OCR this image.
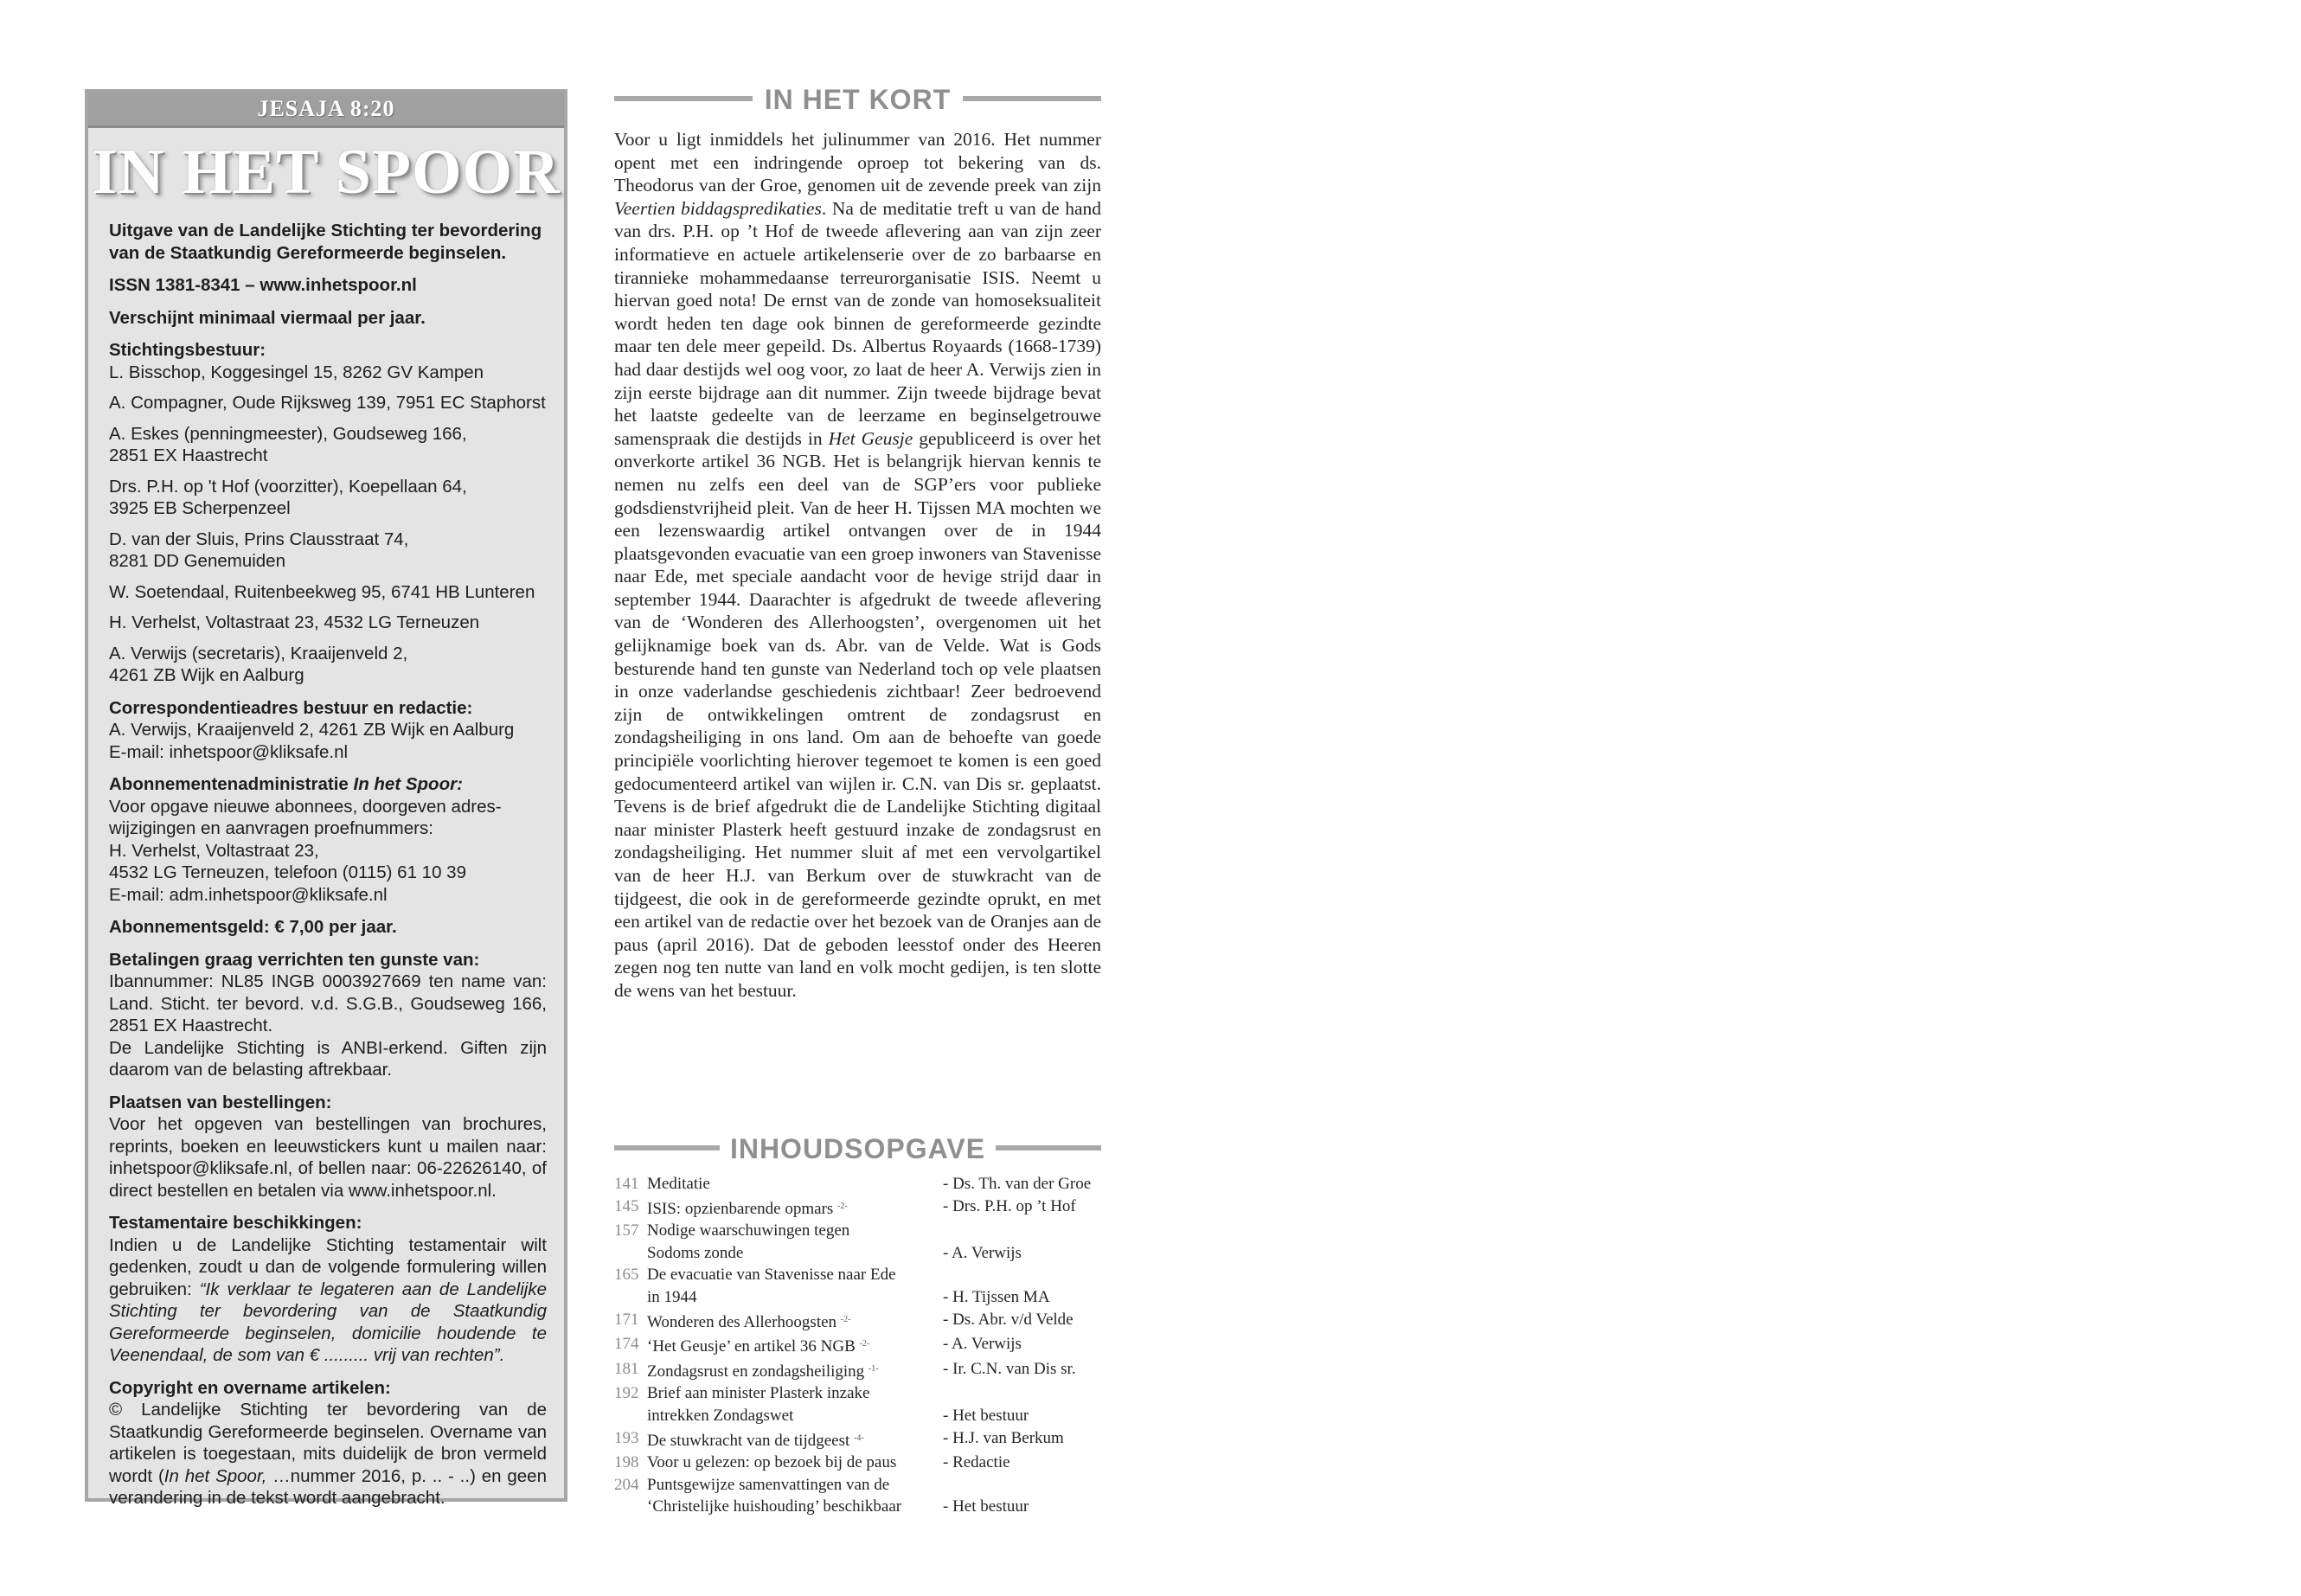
JESAJA 8:20
IN HET SPOOR

Uitgave van de Landelijke Stichting ter bevordering van de Staatkundig Gereformeerde beginselen.

ISSN 1381-8341 – www.inhetspoor.nl

Verschijnt minimaal viermaal per jaar.

Stichtingsbestuur:
L. Bisschop, Koggesingel 15, 8262 GV Kampen
A. Compagner, Oude Rijksweg 139, 7951 EC Staphorst
A. Eskes (penningmeester), Goudseweg 166,
2851 EX Haastrecht
Drs. P.H. op 't Hof (voorzitter), Koepellaan 64,
3925 EB Scherpenzeel
D. van der Sluis, Prins Clausstraat 74,
8281 DD Genemuiden
W. Soetendaal, Ruitenbeekweg 95, 6741 HB Lunteren
H. Verhelst, Voltastraat 23, 4532 LG Terneuzen
A. Verwijs (secretaris), Kraaijenveld 2,
4261 ZB Wijk en Aalburg

Correspondentieadres bestuur en redactie:
A. Verwijs, Kraaijenveld 2, 4261 ZB Wijk en Aalburg
E-mail: inhetspoor@kliksafe.nl

Abonnementenadministratie In het Spoor:
Voor opgave nieuwe abonnees, doorgeven adres-
wijzigingen en aanvragen proefnummers:
H. Verhelst, Voltastraat 23,
4532 LG Terneuzen, telefoon (0115) 61 10 39
E-mail: adm.inhetspoor@kliksafe.nl

Abonnementsgeld: € 7,00 per jaar.

Betalingen graag verrichten ten gunste van:
Ibannummer: NL85 INGB 0003927669 ten name van: Land. Sticht. ter bevord. v.d. S.G.B., Goudseweg 166, 2851 EX Haastrecht.
De Landelijke Stichting is ANBI-erkend. Giften zijn daarom van de belasting aftrekbaar.

Plaatsen van bestellingen:
Voor het opgeven van bestellingen van brochures, reprints, boeken en leeuwstickers kunt u mailen naar: inhetspoor@kliksafe.nl, of bellen naar: 06-22626140, of direct bestellen en betalen via www.inhetspoor.nl.

Testamentaire beschikkingen:
Indien u de Landelijke Stichting testamentair wilt gedenken, zoudt u dan de volgende formulering willen gebruiken: “Ik verklaar te legateren aan de Landelijke Stichting ter bevordering van de Staatkundig Gereformeerde beginselen, domicilie houdende te Veenendaal, de som van € ......... vrij van rechten”.

Copyright en overname artikelen:
© Landelijke Stichting ter bevordering van de Staatkundig Gereformeerde beginselen. Overname van artikelen is toegestaan, mits duidelijk de bron vermeld wordt (In het Spoor, …nummer 2016, p. .. - ..) en geen verandering in de tekst wordt aangebracht.

IN HET KORT
Voor u ligt inmiddels het julinummer van 2016. Het nummer opent met een indringende oproep tot bekering van ds. Theodorus van der Groe, genomen uit de zevende preek van zijn Veertien biddagspredikaties. Na de meditatie treft u van de hand van drs. P.H. op ’t Hof de tweede aflevering aan van zijn zeer informatieve en actuele artikelenserie over de zo barbaarse en tirannieke mohammedaanse terreurorganisatie ISIS. Neemt u hiervan goed nota! De ernst van de zonde van homoseksualiteit wordt heden ten dage ook binnen de gereformeerde gezindte maar ten dele meer gepeild. Ds. Albertus Royaards (1668-1739) had daar destijds wel oog voor, zo laat de heer A. Verwijs zien in zijn eerste bijdrage aan dit nummer. Zijn tweede bijdrage bevat het laatste gedeelte van de leerzame en beginselgetrouwe samenspraak die destijds in Het Geusje gepubliceerd is over het onverkorte artikel 36 NGB. Het is belangrijk hiervan kennis te nemen nu zelfs een deel van de SGP’ers voor publieke godsdienstvrijheid pleit. Van de heer H. Tijssen MA mochten we een lezenswaardig artikel ontvangen over de in 1944 plaatsgevonden evacuatie van een groep inwoners van Stavenisse naar Ede, met speciale aandacht voor de hevige strijd daar in september 1944. Daarachter is afgedrukt de tweede aflevering van de ‘Wonderen des Allerhoogsten’, overgenomen uit het gelijknamige boek van ds. Abr. van de Velde. Wat is Gods besturende hand ten gunste van Nederland toch op vele plaatsen in onze vaderlandse geschiedenis zichtbaar! Zeer bedroevend zijn de ontwikkelingen omtrent de zondagsrust en zondagsheiliging in ons land. Om aan de behoefte van goede principiële voorlichting hierover tegemoet te komen is een goed gedocumenteerd artikel van wijlen ir. C.N. van Dis sr. geplaatst. Tevens is de brief afgedrukt die de Landelijke Stichting digitaal naar minister Plasterk heeft gestuurd inzake de zondagsrust en zondagsheiliging. Het nummer sluit af met een vervolgartikel van de heer H.J. van Berkum over de stuwkracht van de tijdgeest, die ook in de gereformeerde gezindte oprukt, en met een artikel van de redactie over het bezoek van de Oranjes aan de paus (april 2016). Dat de geboden leesstof onder des Heeren zegen nog ten nutte van land en volk mocht gedijen, is ten slotte de wens van het bestuur.
INHOUDSOPGAVE
141 Meditatie	- Ds. Th. van der Groe
145 ISIS: opzienbarende opmars $^{-2-}$	- Drs. P.H. op ’t Hof
157 Nodige waarschuwingen tegen
Sodoms zonde	- A. Verwijs
165 De evacuatie van Stavenisse naar Ede
in 1944	- H. Tijssen MA
171 Wonderen des Allerhoogsten $^{-2-}$	- Ds. Abr. v/d Velde
174 ‘Het Geusje’ en artikel 36 NGB $^{-2-}$	- A. Verwijs
181 Zondagsrust en zondagsheiliging $^{-1-}$	- Ir. C.N. van Dis sr.
192 Brief aan minister Plasterk inzake
intrekken Zondagswet	- Het bestuur
193 De stuwkracht van de tijdgeest $^{-4-}$	- H.J. van Berkum
198 Voor u gelezen: op bezoek bij de paus	- Redactie
204 Puntsgewijze samenvattingen van de
‘Christelijke huishouding’ beschikbaar	- Het bestuur
